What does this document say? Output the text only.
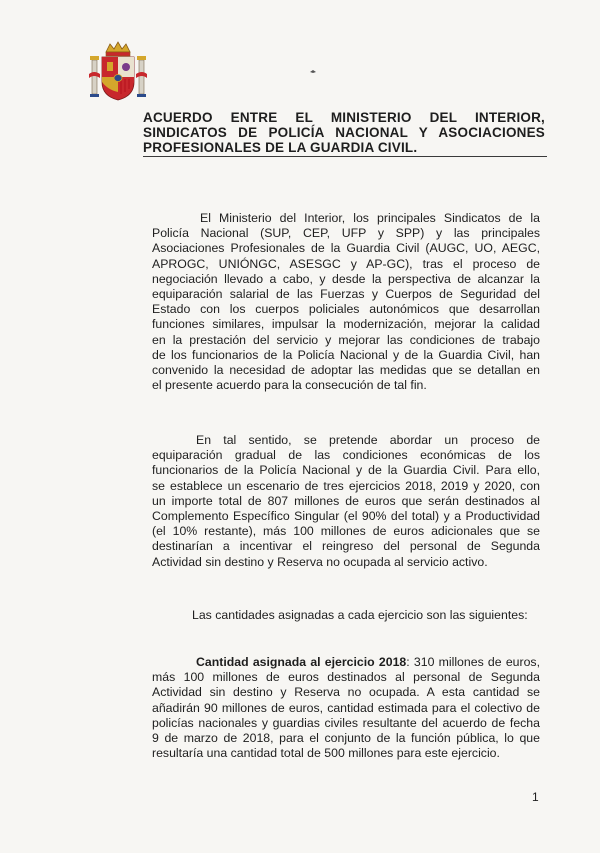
ACUERDO ENTRE EL MINISTERIO DEL INTERIOR,
SINDICATOS DE POLICÍA NACIONAL Y ASOCIACIONES
PROFESIONALES DE LA GUARDIA CIVIL.
El Ministerio del Interior, los principales Sindicatos de la
Policía Nacional (SUP, CEP, UFP y SPP) y las principales
Asociaciones Profesionales de la Guardia Civil (AUGC, UO, AEGC,
APROGC, UNIÓNGC, ASESGC y AP-GC), tras el proceso de
negociación llevado a cabo, y desde la perspectiva de alcanzar la
equiparación salarial de las Fuerzas y Cuerpos de Seguridad del
Estado con los cuerpos policiales autonómicos que desarrollan
funciones similares, impulsar la modernización, mejorar la calidad
en la prestación del servicio y mejorar las condiciones de trabajo
de los funcionarios de la Policía Nacional y de la Guardia Civil, han
convenido la necesidad de adoptar las medidas que se detallan en
el presente acuerdo para la consecución de tal fin.
En tal sentido, se pretende abordar un proceso de
equiparación gradual de las condiciones económicas de los
funcionarios de la Policía Nacional y de la Guardia Civil. Para ello,
se establece un escenario de tres ejercicios 2018, 2019 y 2020, con
un importe total de 807 millones de euros que serán destinados al
Complemento Específico Singular (el 90% del total) y a Productividad
(el 10% restante), más 100 millones de euros adicionales que se
destinarían a incentivar el reingreso del personal de Segunda
Actividad sin destino y Reserva no ocupada al servicio activo.
Las cantidades asignadas a cada ejercicio son las siguientes:
Cantidad asignada al ejercicio 2018: 310 millones de euros,
más 100 millones de euros destinados al personal de Segunda
Actividad sin destino y Reserva no ocupada. A esta cantidad se
añadirán 90 millones de euros, cantidad estimada para el colectivo de
policías nacionales y guardias civiles resultante del acuerdo de fecha
9 de marzo de 2018, para el conjunto de la función pública, lo que
resultaría una cantidad total de 500 millones para este ejercicio.
1
